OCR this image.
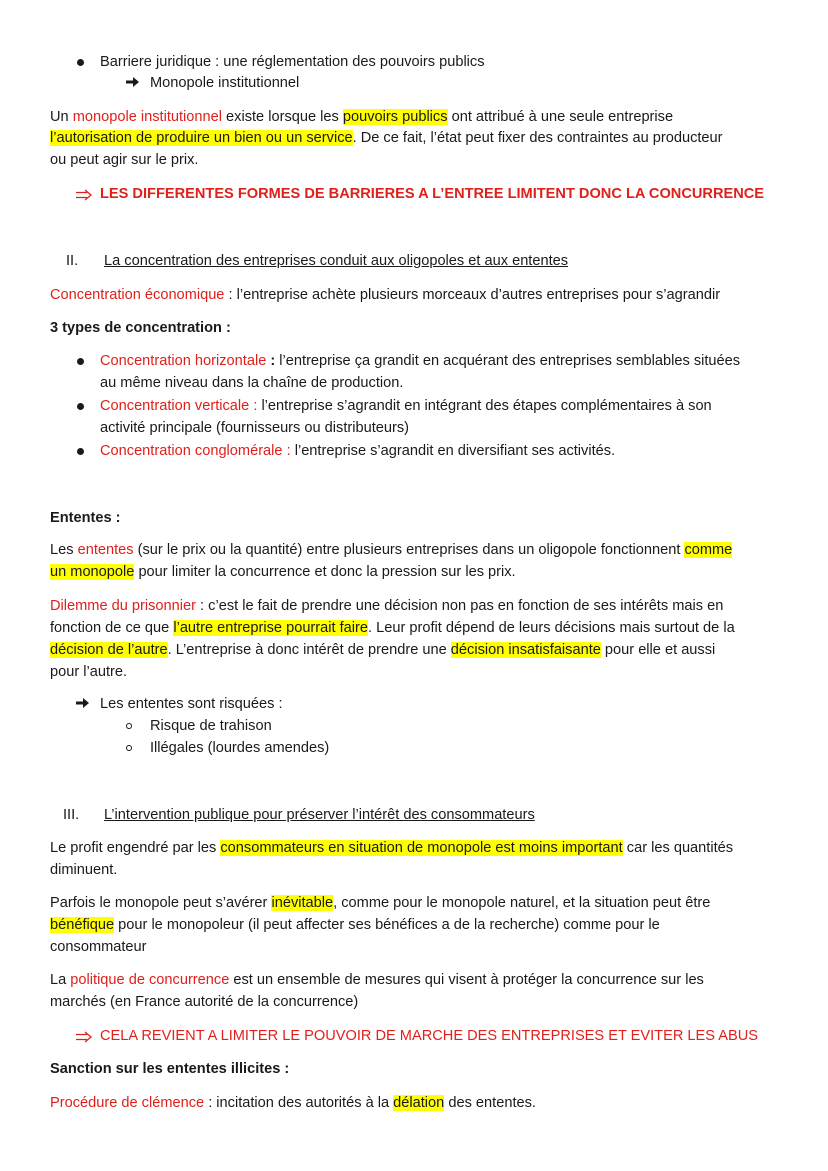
Barriere juridique : une réglementation des pouvoirs publics
Monopole institutionnel
Un monopole institutionnel existe lorsque les pouvoirs publics ont attribué à une seule entreprise
l’autorisation de produire un bien ou un service. De ce fait, l’état peut fixer des contraintes au producteur
ou peut agir sur le prix.
LES DIFFERENTES FORMES DE BARRIERES A L’ENTREE LIMITENT DONC LA CONCURRENCE
II. La concentration des entreprises conduit aux oligopoles et aux ententes
Concentration économique : l’entreprise achète plusieurs morceaux d’autres entreprises pour s’agrandir
3 types de concentration :
Concentration horizontale : l’entreprise ça grandit en acquérant des entreprises semblables situées
au même niveau dans la chaîne de production.
Concentration verticale : l’entreprise s’agrandit en intégrant des étapes complémentaires à son
activité principale (fournisseurs ou distributeurs)
Concentration conglomérale : l’entreprise s’agrandit en diversifiant ses activités.
Ententes :
Les ententes (sur le prix ou la quantité) entre plusieurs entreprises dans un oligopole fonctionnent comme
un monopole pour limiter la concurrence et donc la pression sur les prix.
Dilemme du prisonnier : c’est le fait de prendre une décision non pas en fonction de ses intérêts mais en
fonction de ce que l’autre entreprise pourrait faire. Leur profit dépend de leurs décisions mais surtout de la
décision de l’autre. L’entreprise à donc intérêt de prendre une décision insatisfaisante pour elle et aussi
pour l’autre.
Les ententes sont risquées :
Risque de trahison
Illégales (lourdes amendes)
III. L’intervention publique pour préserver l’intérêt des consommateurs
Le profit engendré par les consommateurs en situation de monopole est moins important car les quantités
diminuent.
Parfois le monopole peut s’avérer inévitable, comme pour le monopole naturel, et la situation peut être
bénéfique pour le monopoleur (il peut affecter ses bénéfices a de la recherche) comme pour le
consommateur
La politique de concurrence est un ensemble de mesures qui visent à protéger la concurrence sur les
marchés (en France autorité de la concurrence)
CELA REVIENT A LIMITER LE POUVOIR DE MARCHE DES ENTREPRISES ET EVITER LES ABUS
Sanction sur les ententes illicites :
Procédure de clémence : incitation des autorités à la délation des ententes.
